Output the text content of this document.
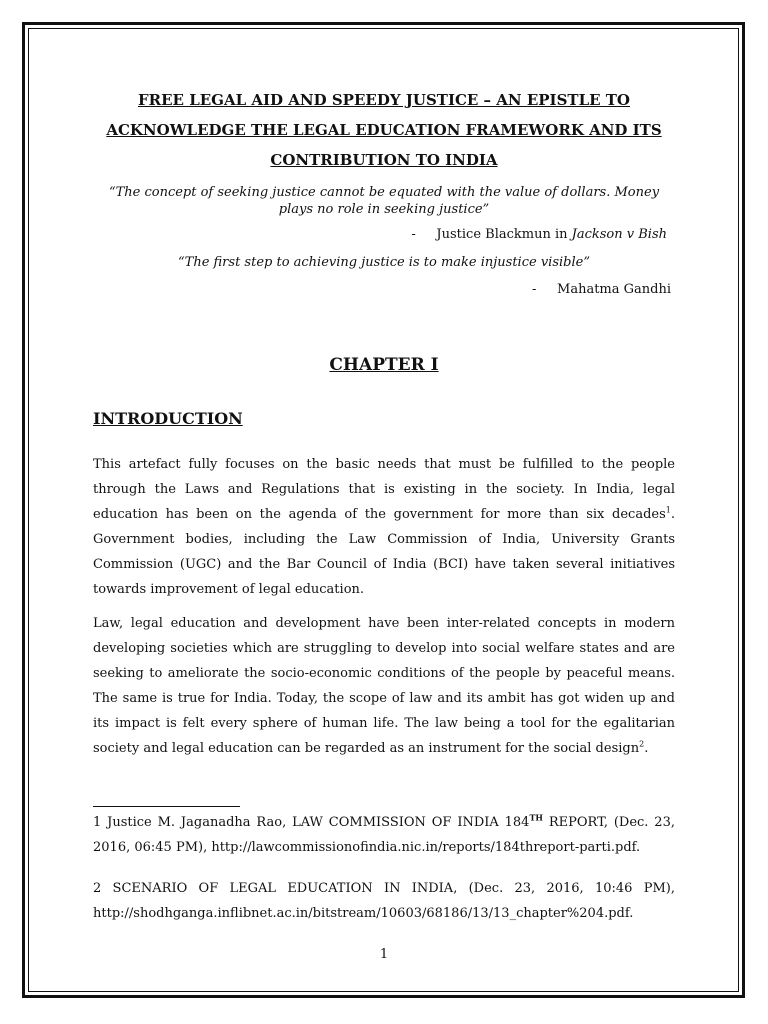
FREE LEGAL AID AND SPEEDY JUSTICE – AN EPISTLE TO ACKNOWLEDGE THE LEGAL EDUCATION FRAMEWORK AND ITS CONTRIBUTION TO INDIA

“The concept of seeking justice cannot be equated with the value of dollars. Money plays no role in seeking justice”

-     Justice Blackmun in Jackson v Bish

“The first step to achieving justice is to make injustice visible”

-     Mahatma Gandhi

CHAPTER I
INTRODUCTION

This artefact fully focuses on the basic needs that must be fulfilled to the people through the Laws and Regulations that is existing in the society. In India, legal education has been on the agenda of the government for more than six decades$^1$. Government bodies, including the Law Commission of India, University Grants Commission (UGC) and the Bar Council of India (BCI) have taken several initiatives towards improvement of legal education.

Law, legal education and development have been inter-related concepts in modern developing societies which are struggling to develop into social welfare states and are seeking to ameliorate the socio-economic conditions of the people by peaceful means. The same is true for India. Today, the scope of law and its ambit has got widen up and its impact is felt every sphere of human life. The law being a tool for the egalitarian society and legal education can be regarded as an instrument for the social design$^2$.

1 Justice M. Jaganadha Rao, LAW COMMISSION OF INDIA 184TH REPORT, (Dec. 23, 2016, 06:45 PM), http://lawcommissionofindia.nic.in/reports/184threport-parti.pdf.

2 SCENARIO OF LEGAL EDUCATION IN INDIA, (Dec. 23, 2016, 10:46 PM), http://shodhganga.inflibnet.ac.in/bitstream/10603/68186/13/13_chapter%204.pdf.

1
